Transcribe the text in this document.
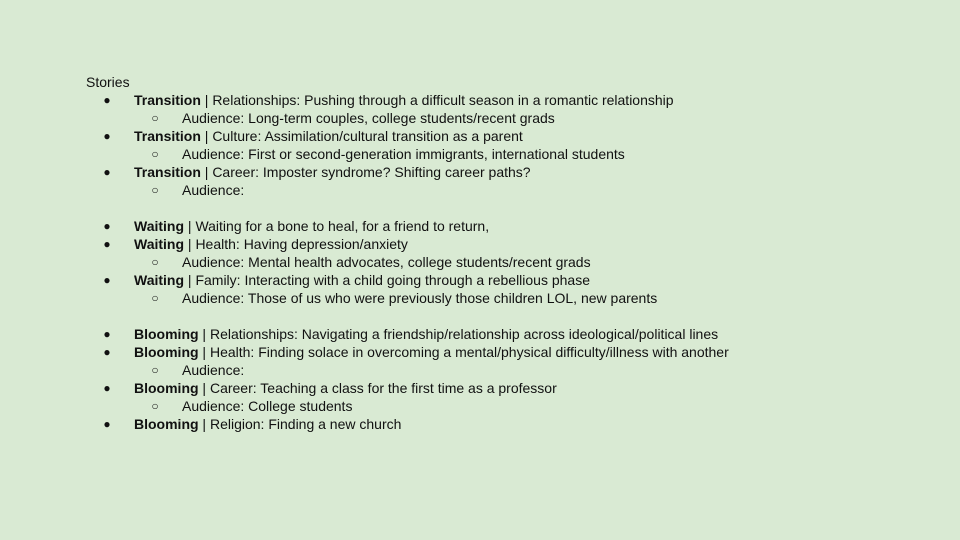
Stories
● Transition | Relationships: Pushing through a difficult season in a romantic relationship
○ Audience: Long-term couples, college students/recent grads
● Transition | Culture: Assimilation/cultural transition as a parent
○ Audience: First or second-generation immigrants, international students
● Transition | Career: Imposter syndrome? Shifting career paths?
○ Audience:
● Waiting | Waiting for a bone to heal, for a friend to return,
● Waiting | Health: Having depression/anxiety
○ Audience: Mental health advocates, college students/recent grads
● Waiting | Family: Interacting with a child going through a rebellious phase
○ Audience: Those of us who were previously those children LOL, new parents
● Blooming | Relationships: Navigating a friendship/relationship across ideological/political lines
● Blooming | Health: Finding solace in overcoming a mental/physical difficulty/illness with another
○ Audience:
● Blooming | Career: Teaching a class for the first time as a professor
○ Audience: College students
● Blooming | Religion: Finding a new church
